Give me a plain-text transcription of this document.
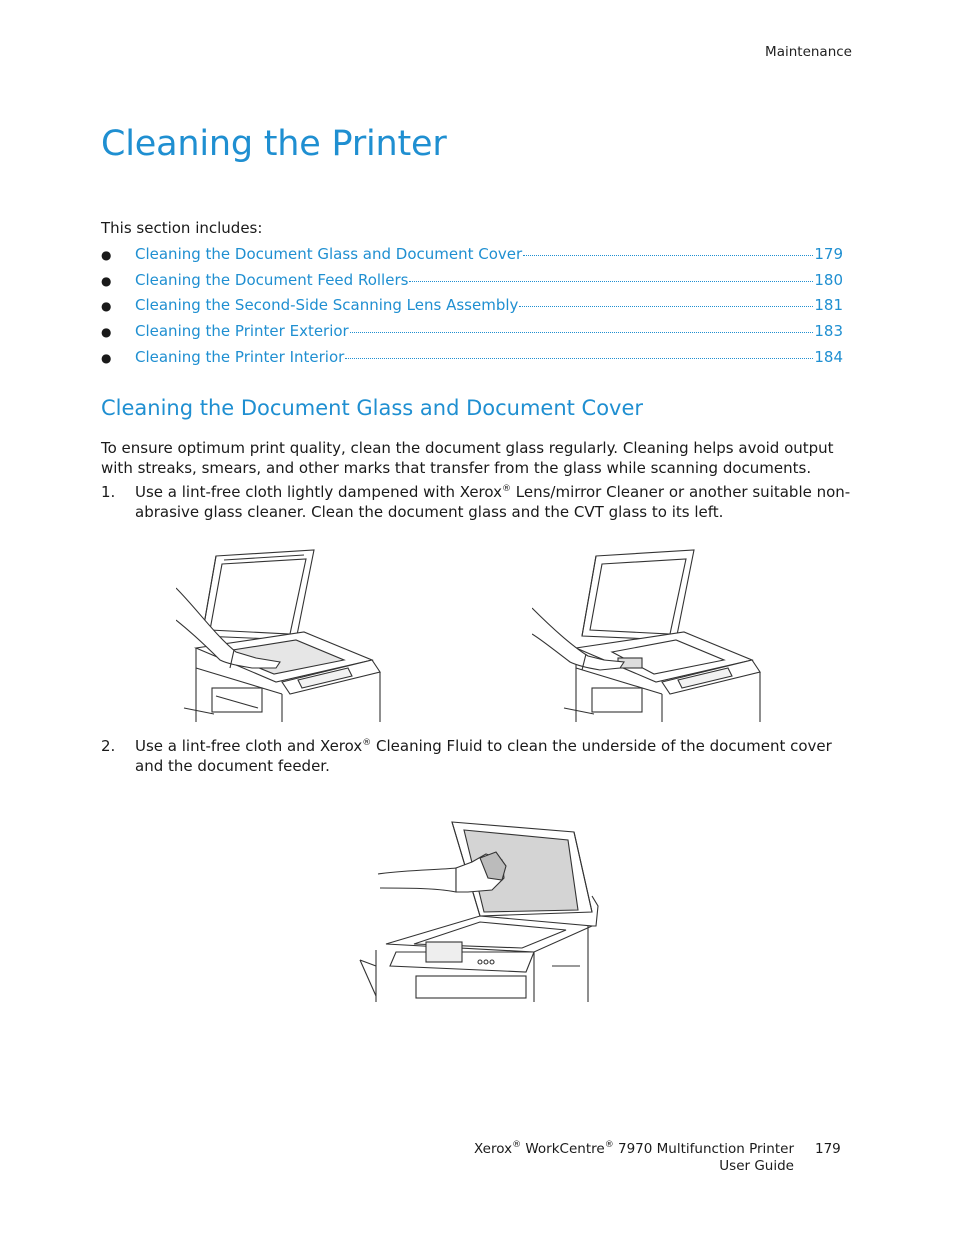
Maintenance
Cleaning the Printer
This section includes:
●	Cleaning the Document Glass and Document Cover	179
●	Cleaning the Document Feed Rollers	180
●	Cleaning the Second-Side Scanning Lens Assembly	181
●	Cleaning the Printer Exterior	183
●	Cleaning the Printer Interior	184
Cleaning the Document Glass and Document Cover
To ensure optimum print quality, clean the document glass regularly. Cleaning helps avoid output with streaks, smears, and other marks that transfer from the glass while scanning documents.
1. Use a lint-free cloth lightly dampened with Xerox® Lens/mirror Cleaner or another suitable non-abrasive glass cleaner. Clean the document glass and the CVT glass to its left.
2. Use a lint-free cloth and Xerox® Cleaning Fluid to clean the underside of the document cover and the document feeder.
Xerox® WorkCentre® 7970 Multifunction Printer
User Guide
179
